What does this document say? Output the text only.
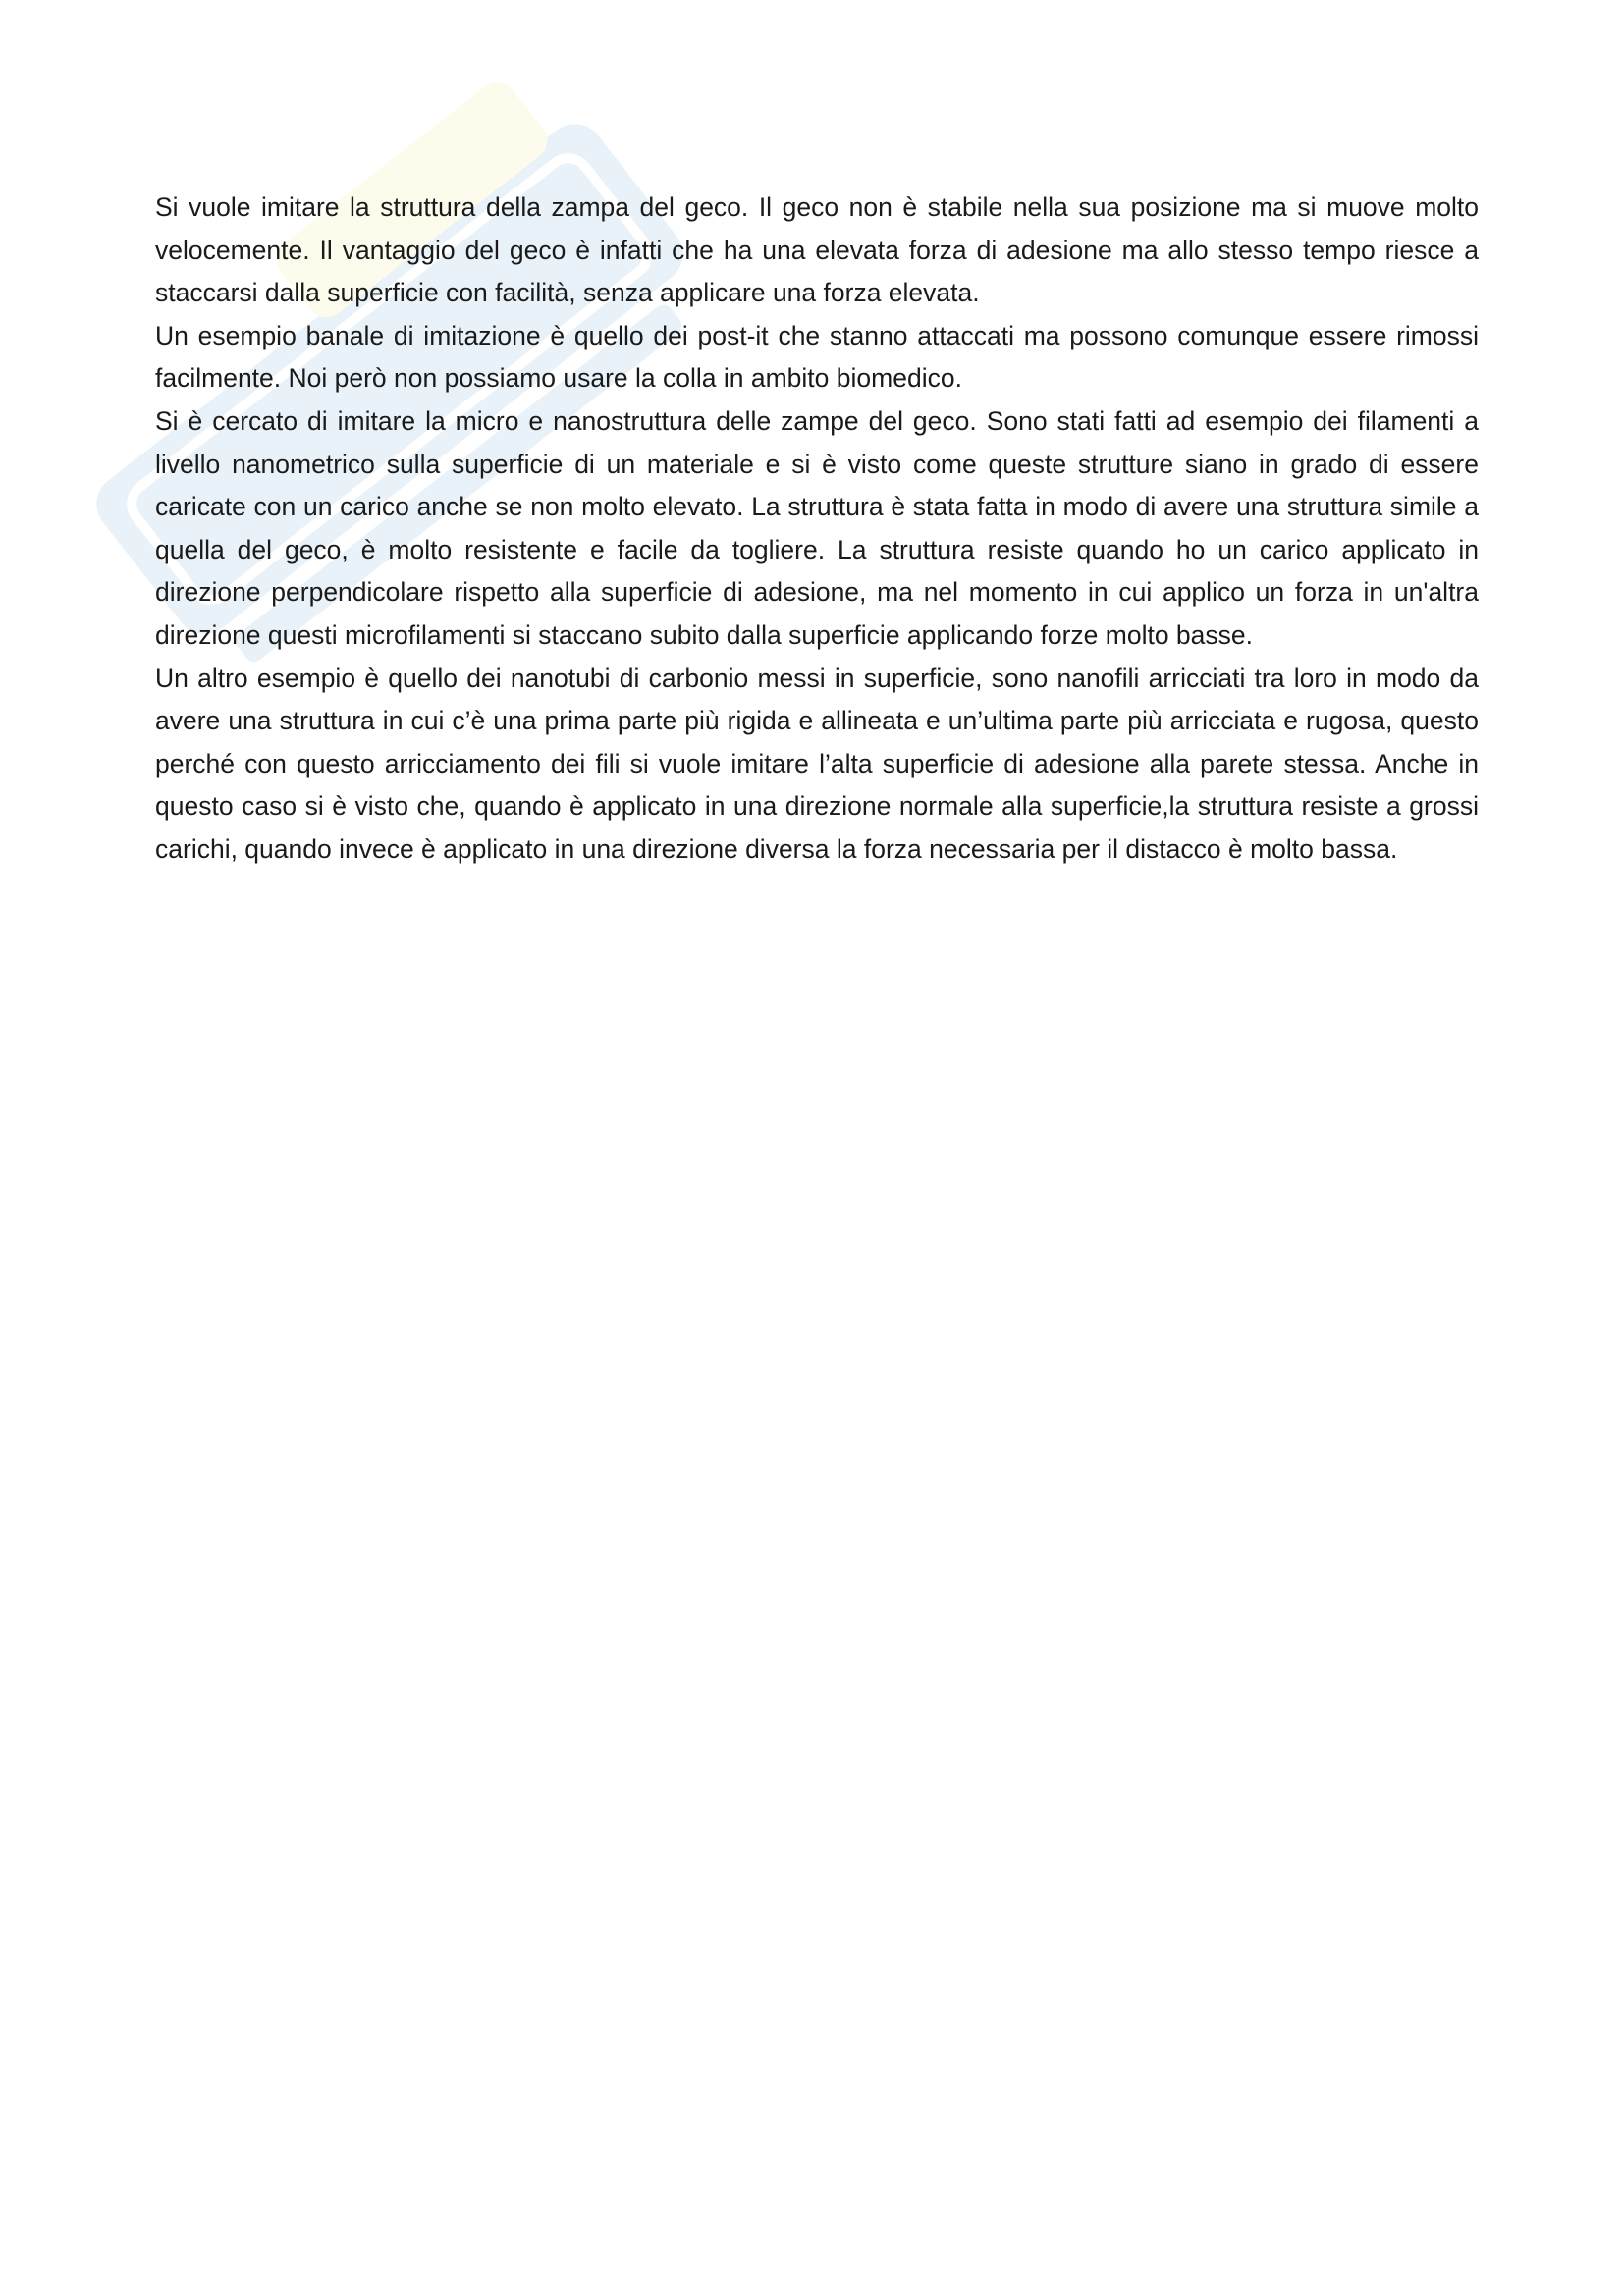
Si vuole imitare la struttura della zampa del geco. Il geco non è stabile nella sua posizione ma si muove molto velocemente. Il vantaggio del geco è infatti che ha una elevata forza di adesione ma allo stesso tempo riesce a staccarsi dalla superficie con facilità, senza applicare una forza elevata.

Un esempio banale di imitazione è quello dei post-it che stanno attaccati ma possono comunque essere rimossi facilmente. Noi però non possiamo usare la colla in ambito biomedico.

Si è cercato di imitare la micro e nanostruttura delle zampe del geco. Sono stati fatti ad esempio dei filamenti a livello nanometrico sulla superficie di un materiale e si è visto come queste strutture siano in grado di essere caricate con un carico anche se non molto elevato. La struttura è stata fatta in modo di avere una struttura simile a quella del geco, è molto resistente e facile da togliere. La struttura resiste quando ho un carico applicato in direzione perpendicolare rispetto alla superficie di adesione, ma nel momento in cui applico un forza in un'altra direzione questi microfilamenti si staccano subito dalla superficie applicando forze molto basse.

Un altro esempio è quello dei nanotubi di carbonio messi in superficie, sono nanofili arricciati tra loro in modo da avere una struttura in cui c’è una prima parte più rigida e allineata e un’ultima parte più arricciata e rugosa, questo perché con questo arricciamento dei fili si vuole imitare l’alta superficie di adesione alla parete stessa. Anche in questo caso si è visto che, quando è applicato in una direzione normale alla superficie,la struttura resiste a grossi carichi, quando invece è applicato in una direzione diversa la forza necessaria per il distacco è molto bassa.
